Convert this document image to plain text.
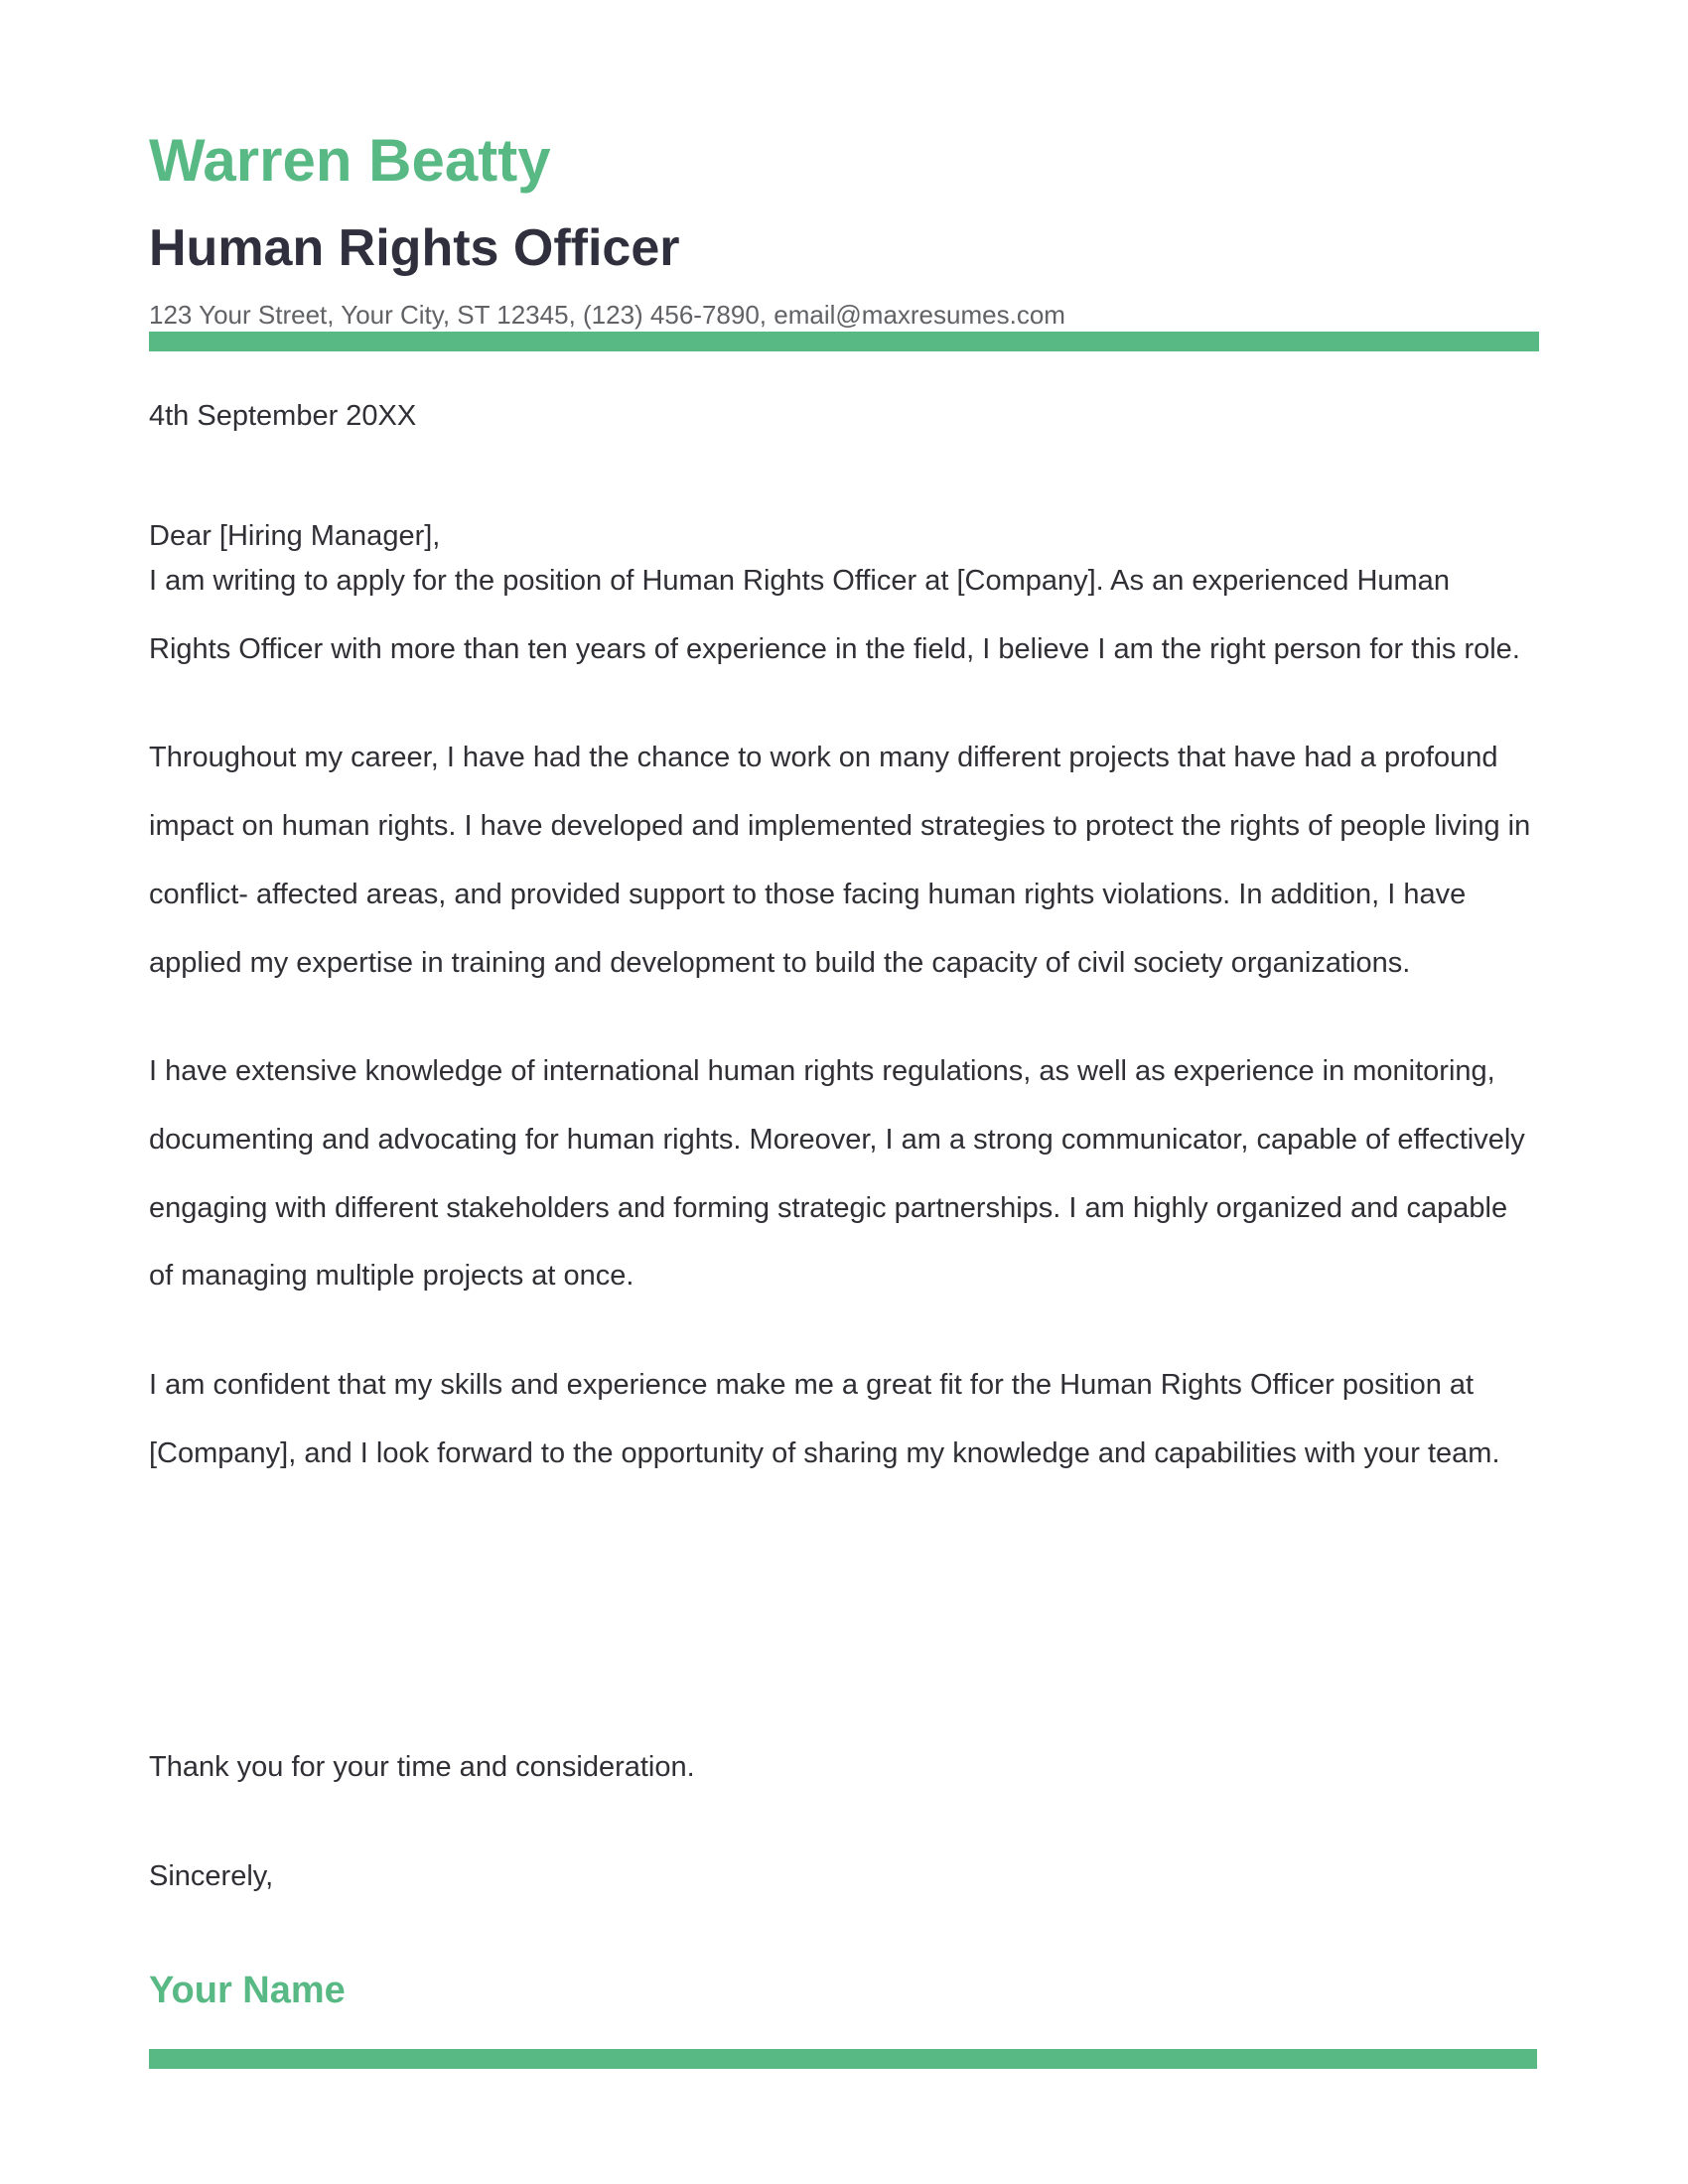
Warren Beatty
Human Rights Officer
123 Your Street, Your City, ST 12345, (123) 456-7890, email@maxresumes.com
4th September 20XX
Dear [Hiring Manager],

I am writing to apply for the position of Human Rights Officer at [Company]. As an experienced Human Rights Officer with more than ten years of experience in the field, I believe I am the right person for this role.

Throughout my career, I have had the chance to work on many different projects that have had a profound impact on human rights. I have developed and implemented strategies to protect the rights of people living in conflict- affected areas, and provided support to those facing human rights violations. In addition, I have applied my expertise in training and development to build the capacity of civil society organizations.

I have extensive knowledge of international human rights regulations, as well as experience in monitoring, documenting and advocating for human rights. Moreover, I am a strong communicator, capable of effectively engaging with different stakeholders and forming strategic partnerships. I am highly organized and capable of managing multiple projects at once.

I am confident that my skills and experience make me a great fit for the Human Rights Officer position at [Company], and I look forward to the opportunity of sharing my knowledge and capabilities with your team.

Thank you for your time and consideration.
Sincerely,
Your Name
